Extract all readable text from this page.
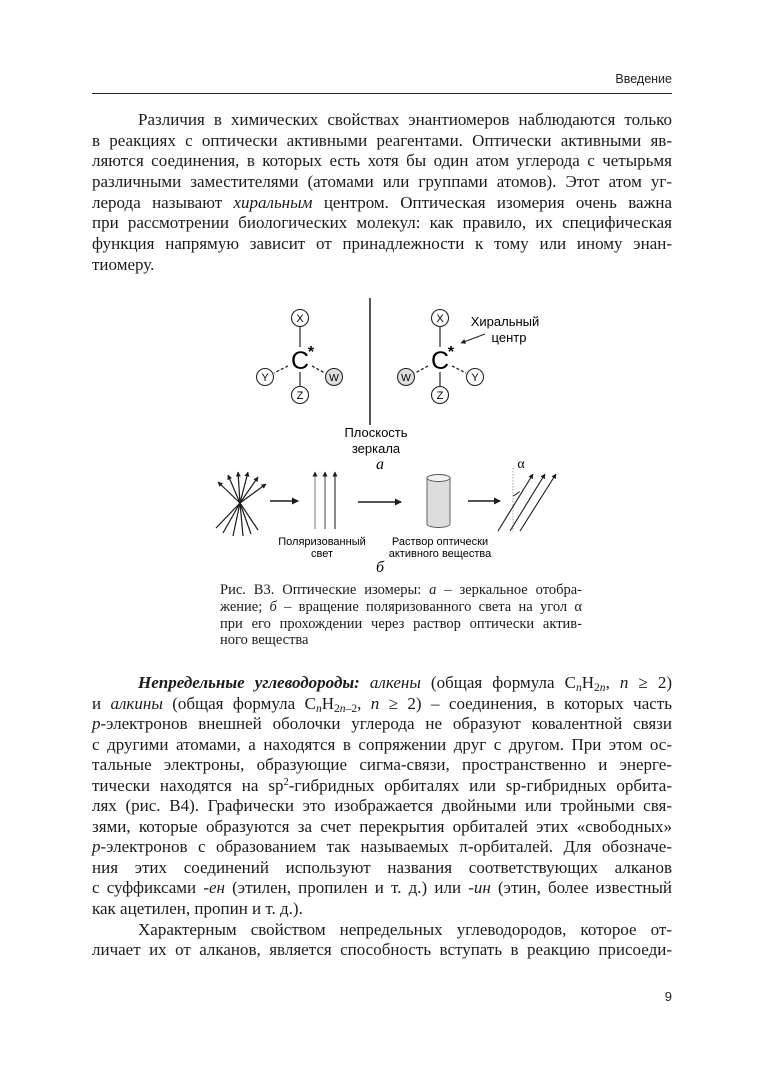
Введение
Различия в химических свойствах энантиомеров наблюдаются только
в реакциях с оптически активными реагентами. Оптически активными яв-
ляются соединения, в которых есть хотя бы один атом углерода с четырьмя
различными заместителями (атомами или группами атомов). Этот атом уг-
лерода называют хиральным центром. Оптическая изомерия очень важна
при рассмотрении биологических молекул: как правило, их специфическая
функция напрямую зависит от принадлежности к тому или иному энан-
тиомеру.
X
Y	W
Z
C
*
Плоскость
зеркала
а
X
W	Y
Z
C
*
Хиральный
центр
Поляризованный
свет
Раствор оптически
активного вещества
α
б
Рис. В3. Оптические изомеры: а – зеркальное отобра-
жение; б – вращение поляризованного света на угол α
при его прохождении через раствор оптически актив-
ного вещества
Непредельные углеводороды: алкены (общая формула CnH$_2$n, n ≥ 2)
и алкины (общая формула $CnH_2n_{-2}$, n ≥ 2) – соединения, в которых часть
p-электронов внешней оболочки углерода не образуют ковалентной связи
с другими атомами, а находятся в сопряжении друг с другом. При этом ос-
тальные электроны, образующие сигма-связи, пространственно и энерге-
тически находятся на $sp^2$-гибридных орбиталях или sp-гибридных орбита-
лях (рис. В4). Графически это изображается двойными или тройными свя-
зями, которые образуются за счет перекрытия орбиталей этих «свободных»
p-электронов с образованием так называемых π-орбиталей. Для обозначе-
ния этих соединений используют названия соответствующих алканов
с суффиксами -ен (этилен, пропилен и т. д.) или -ин (этин, более известный
как ацетилен, пропин и т. д.).
Характерным свойством непредельных углеводородов, которое от-
личает их от алканов, является способность вступать в реакцию присоеди-
9
